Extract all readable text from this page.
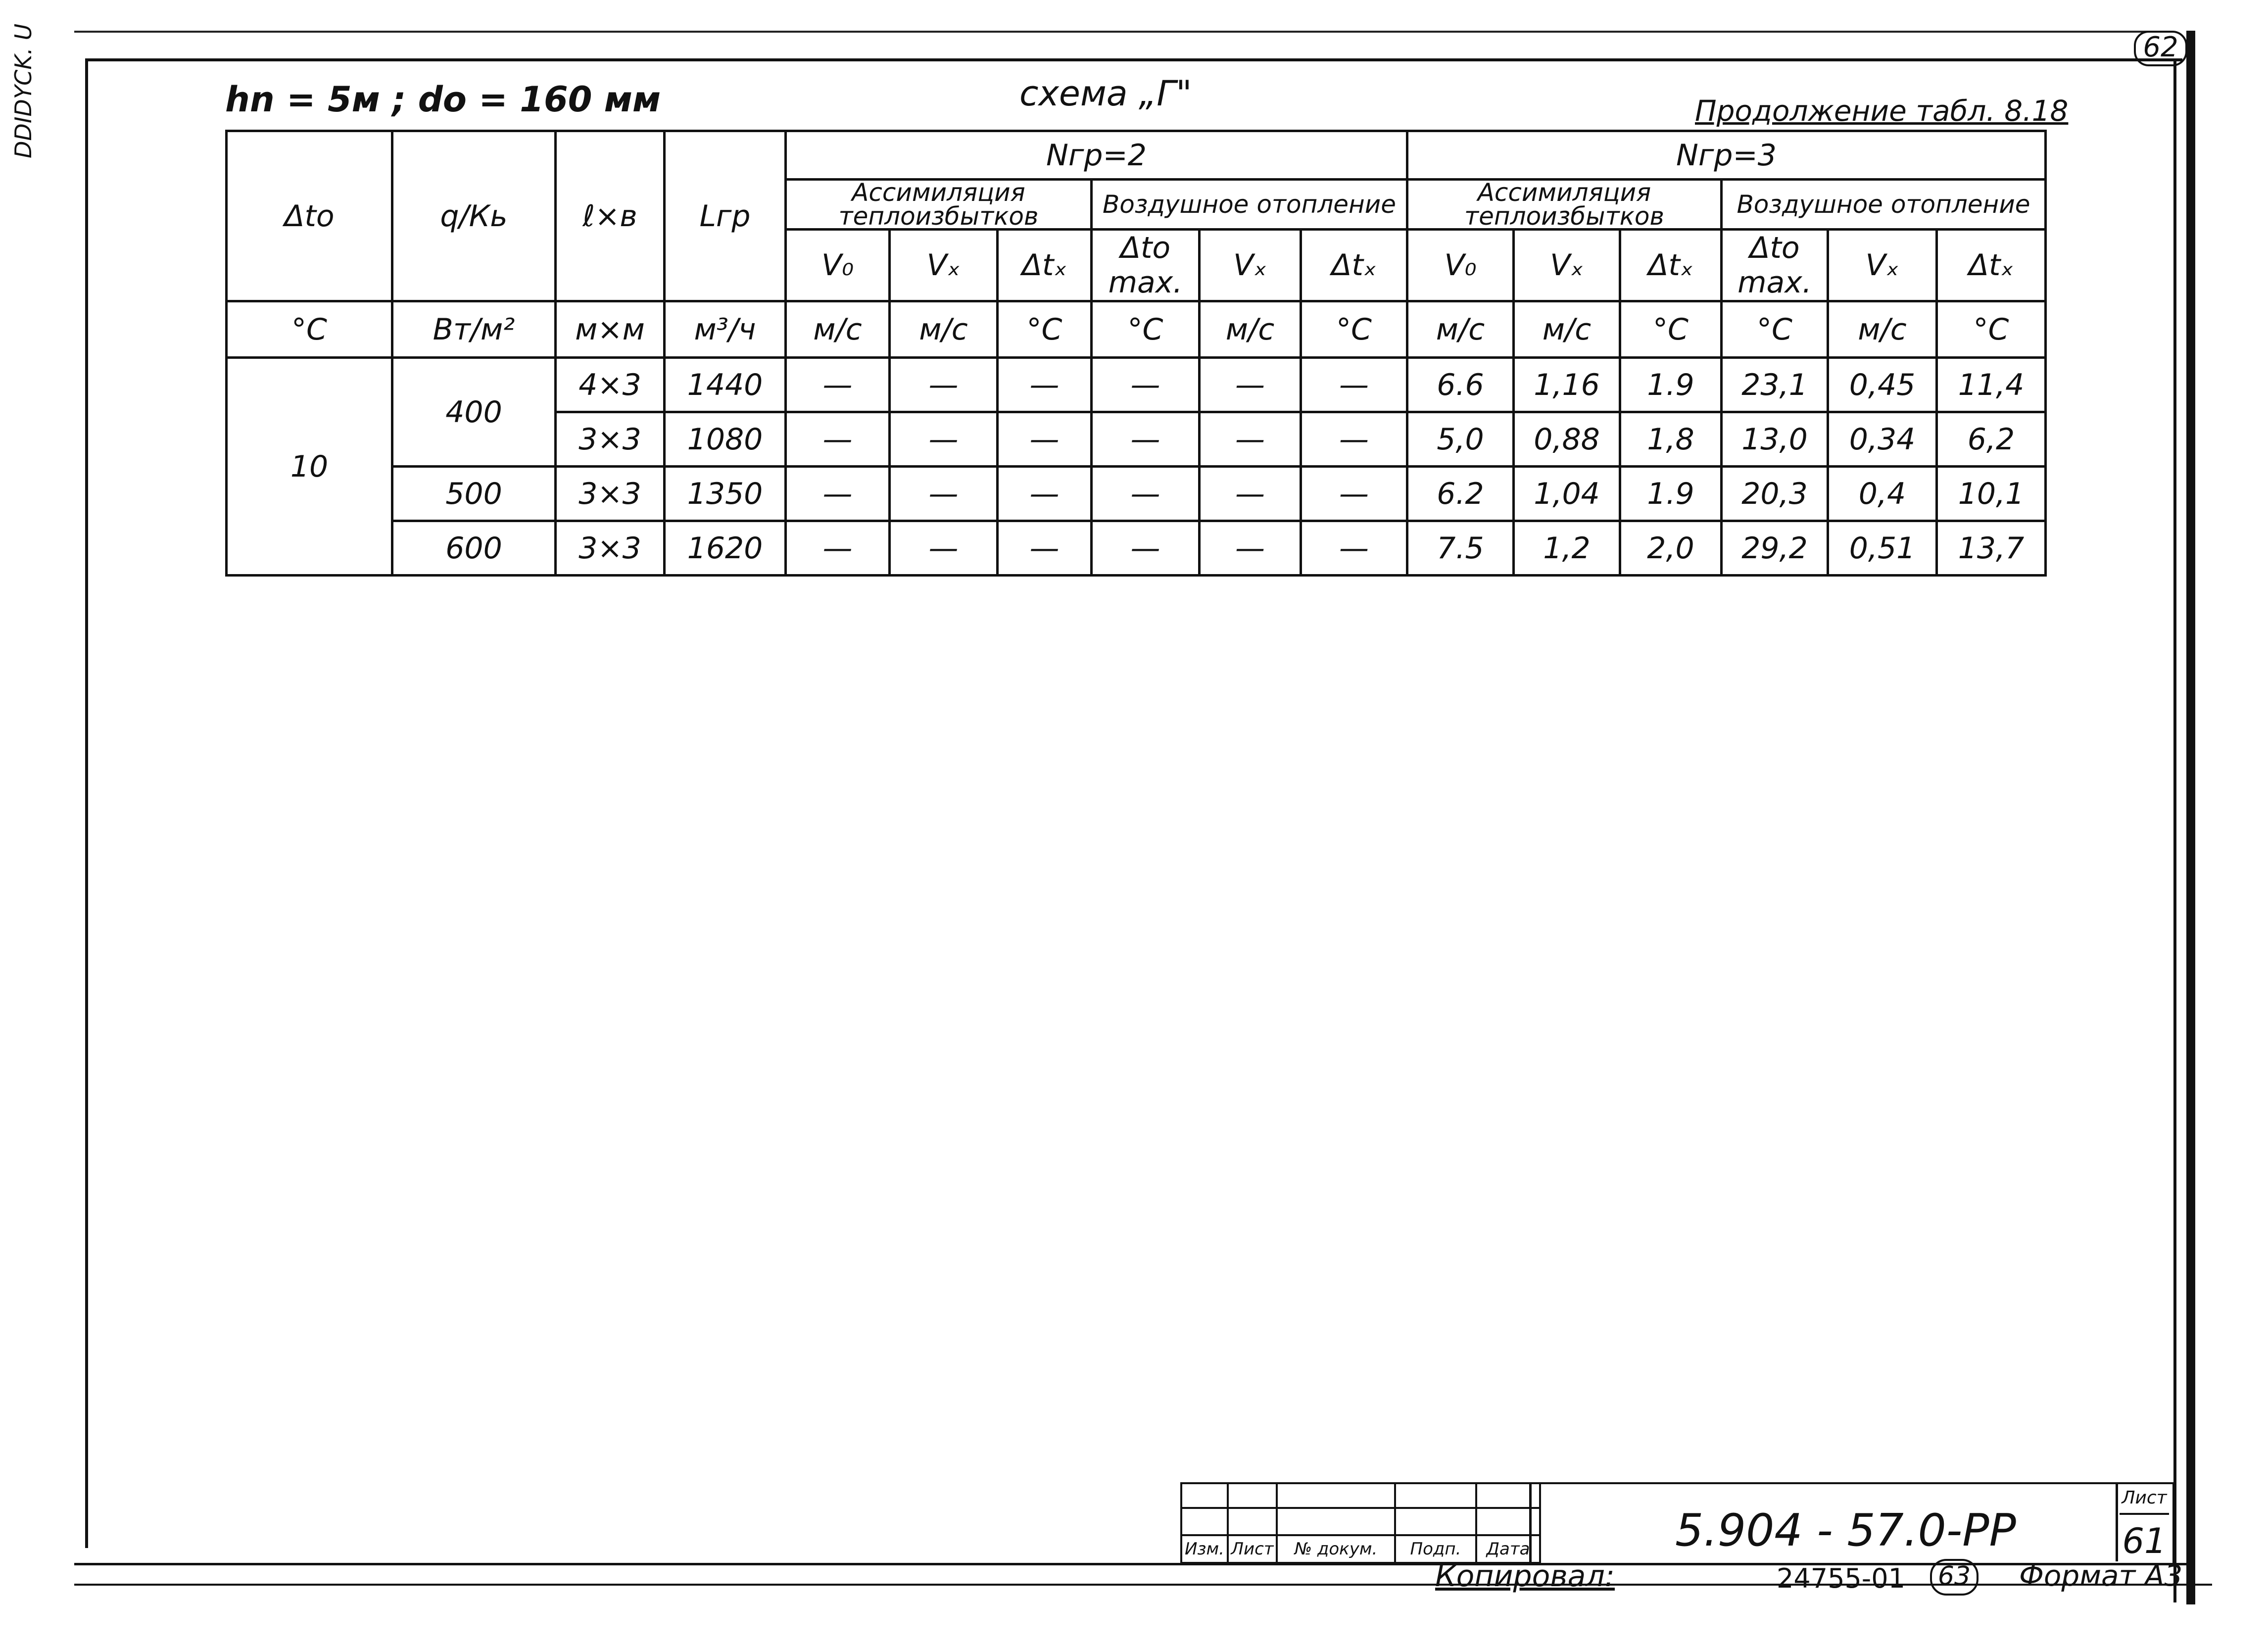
62
DDIDYCK. U	hn = 5м ; do = 160 мм	схема „Г"	Продолжение табл. 8.18
Δto	q/Кь	ℓ×в	Lгр	Nгр=2						Nгр=3					
				Ассимиляция теплоизбытков			Воздушное отопление			Ассимиляция теплоизбытков			Воздушное отопление		
				V₀	Vₓ	Δtₓ	Δto max.	Vₓ	Δtₓ	V₀	Vₓ	Δtₓ	Δto max.	Vₓ	Δtₓ
°C	Вт/м²	м×м	м³/ч	м/с	м/с	°C	°C	м/с	°C	м/с	м/с	°C	°C	м/с	°C
10	400	4×3	1440	—	—	—	—	—	—	6.6	1,16	1.9	23,1	0,45	11,4
		3×3	1080	—	—	—	—	—	—	5,0	0,88	1,8	13,0	0,34	6,2
	500	3×3	1350	—	—	—	—	—	—	6.2	1,04	1.9	20,3	0,4	10,1
	600	3×3	1620	—	—	—	—	—	—	7.5	1,2	2,0	29,2	0,51	13,7

Изм.	Лист	№ докум.	Подп.	Дата	5.904 - 57.0-РР
Лист
61
Копировал:	24755-01	63 Формат А3
